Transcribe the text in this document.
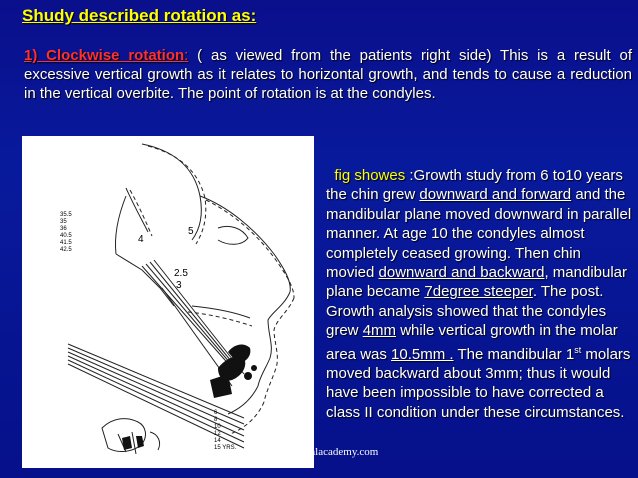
Shudy described rotation as:
1) Clockwise rotation: ( as viewed from the patients right side) This is a result of excessive vertical growth as it relates to horizontal growth, and tends to cause a reduction in the vertical overbite. The point of rotation is at the condyles.
35.5
35
36
40.5
41.5
42.5
6
8
10
12
14
15 YRS.
4
5
2.5
3
fig showes :Growth study from 6 to10 years the chin grew downward and forward and the mandibular plane moved downward in parallel manner. At age 10 the condyles almost completely ceased growing. Then chin movied downward and backward, mandibular plane became 7degree steeper. The post. Growth analysis showed that the condyles grew 4mm while vertical growth in the molar area was 10.5mm . The mandibular 1st molars moved backward about 3mm; thus it would have been impossible to have corrected a class II condition under these circumstances.
www.indiandentalacademy.com
